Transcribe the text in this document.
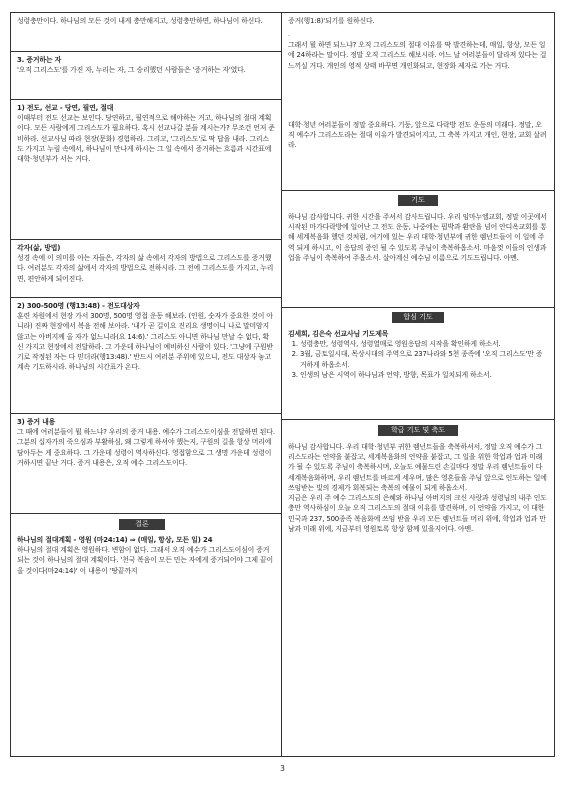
성령충만이다. 하나님의 모든 것이 내게 충만해지고, 성령충만하면, 하나님이 하신다.

3. 증거하는 자

'오직 그리스도'를 가진 자, 누리는 자, 그 승리했던 사람들은 '증거하는 자'였다.

1) 전도, 선교 - 당연, 필연, 절대

이때부터 전도 선교는 보인다. 당연하고, 필연적으로 해야하는 거고, 하나님의 절대 계획이다. 모든 사람에게 그리스도가 필요하다. 혹시 선교나갈 분들 계시는가? 무조건 언저 준비하라. 선교사님 따라 현장(문화) 경험하라. 그리고, '그리스도'로 딱 답을 내라. 그리스도 가지고 누림 속에서, 하나님이 만나게 하시는 그 일 속에서 증거하는 흐름과 시간표에 대학·청년부가 서는 거다.

각자(삶, 방법)

성경 속에 이 의미를 아는 자들은, 각자의 삶 속에서 각자의 방법으로 그리스도를 증거했다. 여러분도 각자의 삶에서 각자의 방법으로 전하시라. 그 전에 그리스도를 가지고, 누리면, 편안하게 되어진다.

2) 300-500명 (행13:48) - 전도대상자

훈련 차원에서 현장 가서 300명, 500명 영접 운동 해보라. (인원, 숫자가 중요한 것이 아니라) 진짜 현장에서 복음 전해 보아라. '내가 곧 길이요 진리요 생명이니 나로 말미암지 않고는 아버지께 올 자가 없느니라(요 14:6).' 그리스도 아니면 하나님 만날 수 없다, 확신 가지고 현장에서 전달하라. 그 가운데 하나님이 예비하신 사람이 있다. '그냥에 구원받기로 작정된 자는 다 믿더라(행13:48).' 반드시 여러분 주위에 있으니, 전도 대상자 놓고 계속 기도하시라. 하나님의 시간표가 온다.

3) 증거 내용

그 때에 여러분들이 뭘 하느냐? 우리의 증거 내용. 예수가 그리스도이심을 전달하면 된다. 그분의 십자가의 죽으심과 부활하심, 왜 그렇게 하셔야 했는지, 구원의 길을 항상 머리에 담아두는 게 중요하다. 그 가운데 성령이 역사하신다. 영접함으로 그 생명 가운데 성령이 거하시면 끝난 거다. 증거 내용은, 오직 예수 그리스도이다.

결론

하나님의 절대계획 - 영원 (마24:14) ⇒ (매일, 항상, 모든 일) 24

하나님의 절대 계획은 영원하다. 변함이 없다. 그래서 오직 예수가 그리스도이심이 증거되는 것이 하나님의 절대 계획이다. '천국 복음이 모든 민는 자에게 증거되어야 그제 끝이 올 것이다(마24:14)' 이 내용이 '땅끝까지

증거(행1:8)'되기를 원하신다.

.

그래서 뭘 하면 되느냐? 오직 그리스도의 절대 이유를 딱 발견하는데, 매일, 항상, 모든 일에 24하라는 말이다. 정말 오직 그리스도 해보시라. 어느 날 여러분들이 달라져 있다는 걸 느끼실 거다. 개인의 영적 상태 바꾸면 개인화되고, 현장화 제자로 가는 거다.

대학·청년 여러분들이 정말 중요하다. 기둥, 앞으로 다락방 전도 운동의 미래다. 정말, 오직 예수가 그리스도라는 절대 이유가 발견되어지고, 그 축복 가지고 개인, 현장, 교회 살려라.

기도

하나님 감사합니다. 귀한 시간을 주셔서 감사드립니다. 우리 임마누엘교회, 정말 이곳에서 시작된 마가다락방에 일어난 그 전도 운동, 나중에는 핍박과 환란을 넘어 안디옥교회를 통해 세계복음화 했던 것처럼, 여기에 있는 우리 대학·청년부에 귀한 렘넌트들이 이 일에 주역 되게 하시고, 이 응답의 증인 될 수 있도록 주님이 축복하옵소서. 마음껏 이들의 인생과 업을 주님이 축복하여 주옵소서. 살아계신 예수님 이름으로 기도드립니다. 아멘.

합심 기도

김세희, 김은숙 선교사님 기도제목

1. 성령충만, 성령역사, 성령열매로 영원응답의 시작을 확인하게 하소서.
2. 3월, 금토일시대, 목상시대의 주역으로 237나라와 5천 종족에 '오직 그리스도'만 증거하게 하옵소서.
3. 인생의 남은 시역이 하나님과 언약, 방향, 목표가 일치되게 하소서.
학급 기도 및 축도

하나님 감사합니다. 우리 대학·청년부 귀한 렘넌트들을 축복하셔서, 정말 오직 예수가 그리스도라는 언약을 붙잡고, 세계복음화의 언약을 붙잡고, 그 일을 위한 학업과 업과 미래가 될 수 있도록 주님이 축복하시며, 오늘도 예물드린 손길마다 정말 우리 렘넌트들이 다 세계복음화하며, 우리 렘넌트를 바르게 세우며, 많은 영혼들을 주님 앞으로 인도하는 일에 쓰임받는 빛의 경제가 회복되는 축복의 예물이 되게 하옵소서.

지금은 우리 주 예수 그리스도의 은혜와 하나님 아버지의 크신 사랑과 성령님의 내주 인도 충만 역사하심이 오늘 오직 그리스도의 절대 이유를 발견하며, 이 언약을 가지고, 이 대한민국과 237, 500종족 복음화에 쓰임 받을 우리 모든 렘넌트들 머리 위에, 학업과 업과 만남과 미래 위에, 지금부터 영원토록 항상 함께 있을지어다. 아멘.

3
